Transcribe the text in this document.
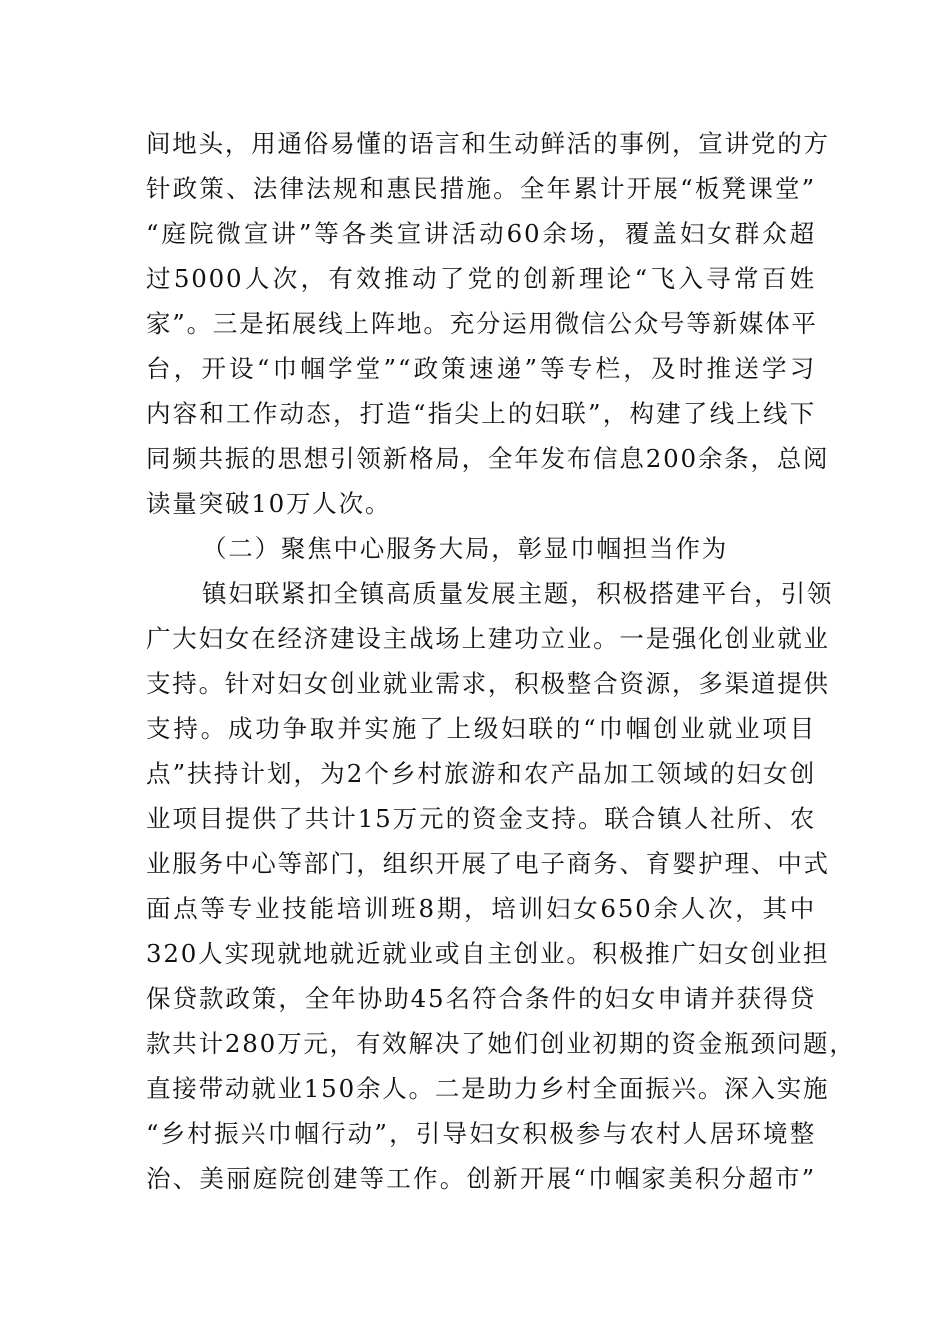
间地头，用通俗易懂的语言和生动鲜活的事例，宣讲党的方
针政策、法律法规和惠民措施。全年累计开展“板凳课堂”
“庭院微宣讲”等各类宣讲活动60余场，覆盖妇女群众超
过5000人次，有效推动了党的创新理论“飞入寻常百姓
家”。三是拓展线上阵地。充分运用微信公众号等新媒体平
台，开设“巾帼学堂”“政策速递”等专栏，及时推送学习
内容和工作动态，打造“指尖上的妇联”，构建了线上线下
同频共振的思想引领新格局，全年发布信息200余条，总阅
读量突破10万人次。
（二）聚焦中心服务大局，彰显巾帼担当作为
镇妇联紧扣全镇高质量发展主题，积极搭建平台，引领
广大妇女在经济建设主战场上建功立业。一是强化创业就业
支持。针对妇女创业就业需求，积极整合资源，多渠道提供
支持。成功争取并实施了上级妇联的“巾帼创业就业项目
点”扶持计划，为2个乡村旅游和农产品加工领域的妇女创
业项目提供了共计15万元的资金支持。联合镇人社所、农
业服务中心等部门，组织开展了电子商务、育婴护理、中式
面点等专业技能培训班8期，培训妇女650余人次，其中
320人实现就地就近就业或自主创业。积极推广妇女创业担
保贷款政策，全年协助45名符合条件的妇女申请并获得贷
款共计280万元，有效解决了她们创业初期的资金瓶颈问题，
直接带动就业150余人。二是助力乡村全面振兴。深入实施
“乡村振兴巾帼行动”，引导妇女积极参与农村人居环境整
治、美丽庭院创建等工作。创新开展“巾帼家美积分超市”
